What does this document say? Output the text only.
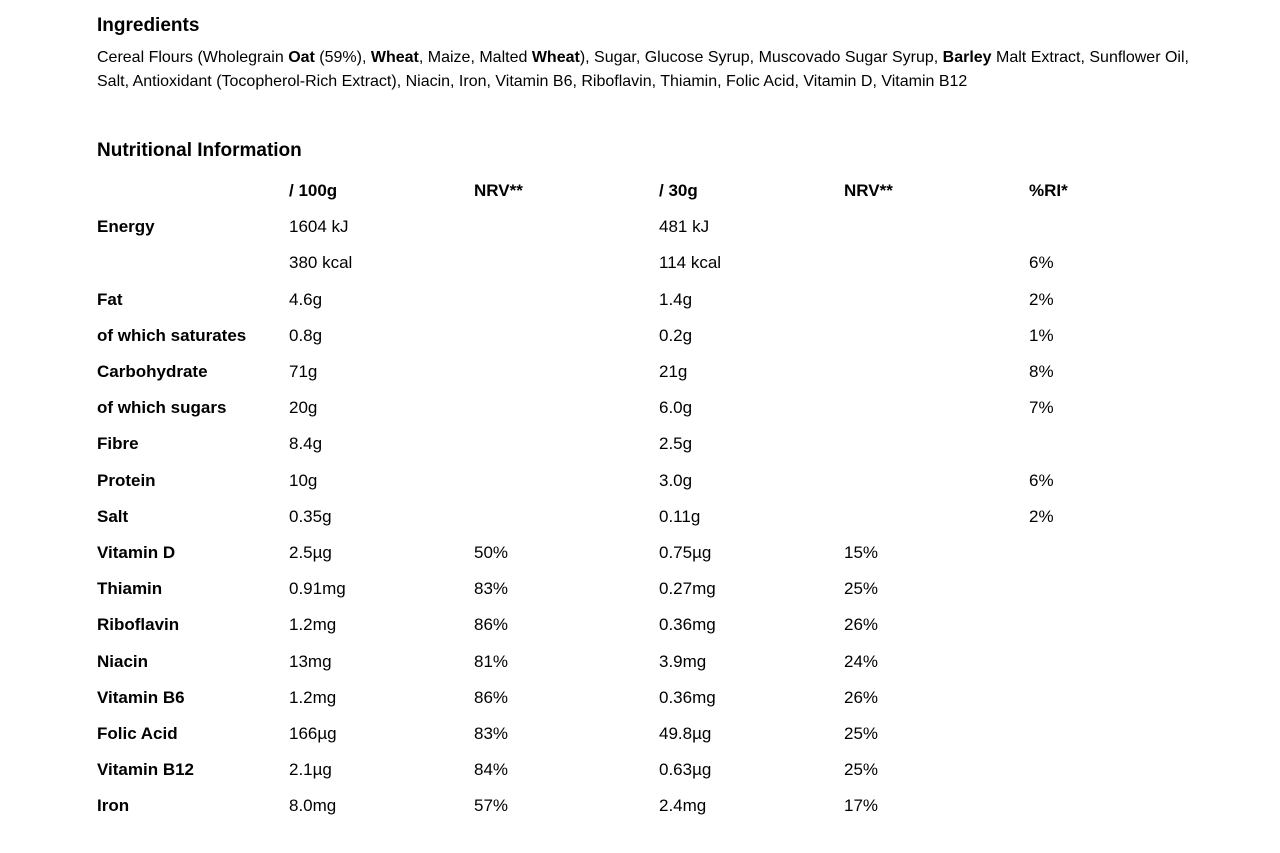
Ingredients

Cereal Flours (Wholegrain Oat (59%), Wheat, Maize, Malted Wheat), Sugar, Glucose Syrup, Muscovado Sugar Syrup, Barley Malt Extract, Sunflower Oil, Salt, Antioxidant (Tocopherol-Rich Extract), Niacin, Iron, Vitamin B6, Riboflavin, Thiamin, Folic Acid, Vitamin D, Vitamin B12

Nutritional Information
	/ 100g	NRV**	/ 30g	NRV**	%RI*
Energy	1604 kJ		481 kJ		
	380 kcal		114 kcal		6%
Fat	4.6g		1.4g		2%
of which saturates	0.8g		0.2g		1%
Carbohydrate	71g		21g		8%
of which sugars	20g		6.0g		7%
Fibre	8.4g		2.5g		
Protein	10g		3.0g		6%
Salt	0.35g		0.11g		2%
Vitamin D	2.5µg	50%	0.75µg	15%	
Thiamin	0.91mg	83%	0.27mg	25%	
Riboflavin	1.2mg	86%	0.36mg	26%	
Niacin	13mg	81%	3.9mg	24%	
Vitamin B6	1.2mg	86%	0.36mg	26%	
Folic Acid	166µg	83%	49.8µg	25%	
Vitamin B12	2.1µg	84%	0.63µg	25%	
Iron	8.0mg	57%	2.4mg	17%	
